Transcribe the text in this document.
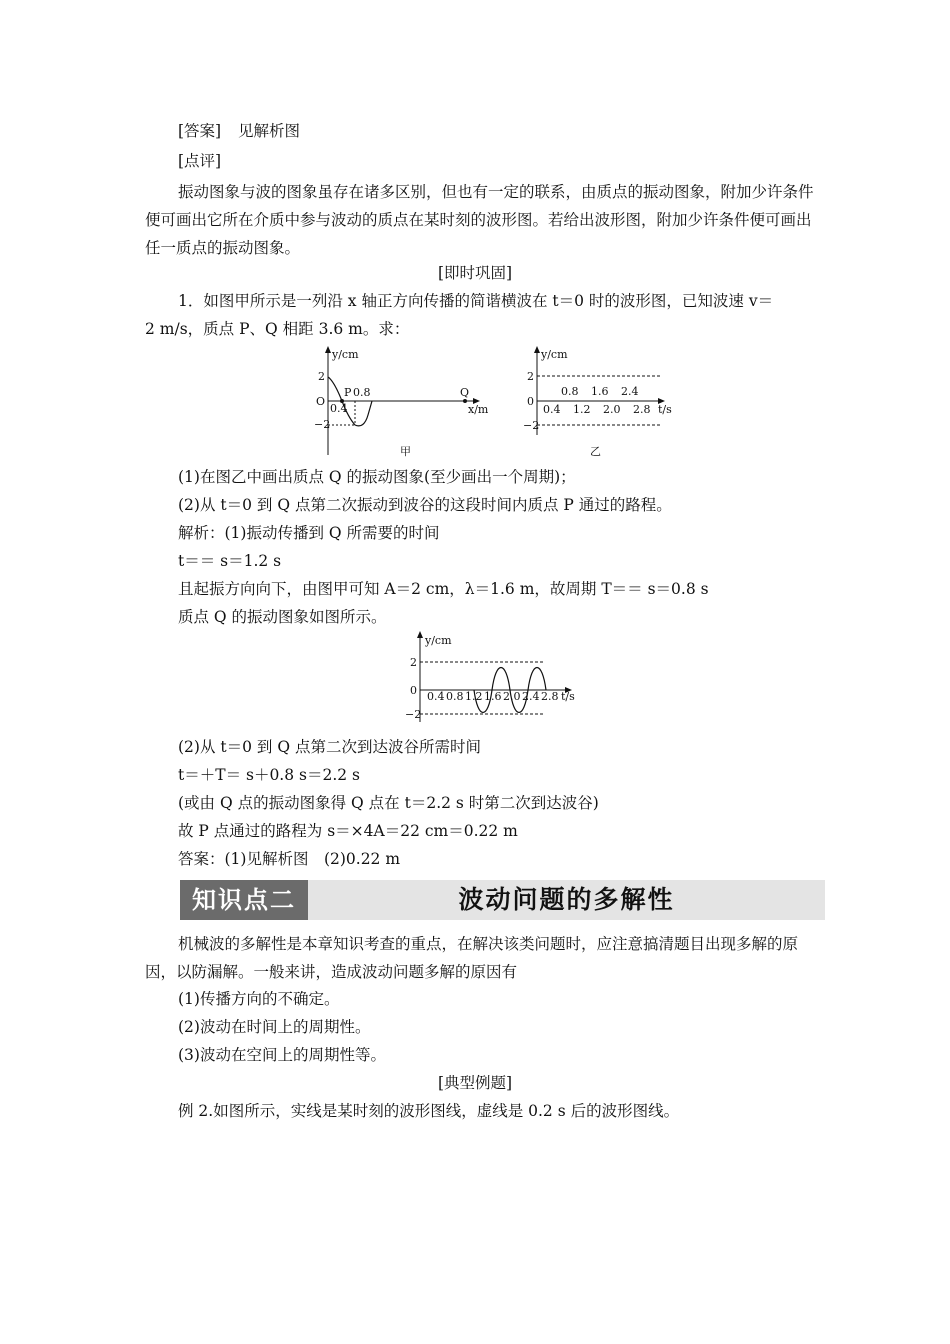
[答案] 见解析图
[点评]
振动图象与波的图象虽存在诸多区别，但也有一定的联系，由质点的振动图象，附加少许条件便可画出它所在介质中参与波动的质点在某时刻的波形图。若给出波形图，附加少许条件便可画出任一质点的振动图象。
[即时巩固]
1．如图甲所示是一列沿 x 轴正方向传播的简谐横波在 t＝0 时的波形图，已知波速 v＝
2 m/s，质点 P、Q 相距 3.6 m。求：
y/cm
2
−2
O
0.4
P 0.8	Q
x/m
甲
y/cm
2
−2
0
0.8 1.6 2.4
0.4 1.2 2.0 2.8 t/s
乙
(1)在图乙中画出质点 Q 的振动图象(至少画出一个周期)；
(2)从 t＝0 到 Q 点第二次振动到波谷的这段时间内质点 P 通过的路程。
解析：(1)振动传播到 Q 所需要的时间
t＝＝ s＝1.2 s
且起振方向向下，由图甲可知 A＝2 cm，λ＝1.6 m，故周期 T＝＝ s＝0.8 s
质点 Q 的振动图象如图所示。
y/cm
2
−2
0 0.4 0.8 1.2 1.6 2.0 2.4 2.8 t/s
(2)从 t＝0 到 Q 点第二次到达波谷所需时间
t＝＋T＝ s＋0.8 s＝2.2 s
(或由 Q 点的振动图象得 Q 点在 t＝2.2 s 时第二次到达波谷)
故 P 点通过的路程为 s＝×4A＝22 cm＝0.22 m
答案：(1)见解析图　(2)0.22 m
知识点二	波动问题的多解性
机械波的多解性是本章知识考查的重点，在解决该类问题时，应注意搞清题目出现多解的原因，以防漏解。一般来讲，造成波动问题多解的原因有
(1)传播方向的不确定。
(2)波动在时间上的周期性。
(3)波动在空间上的周期性等。
[典型例题]
例 2.如图所示，实线是某时刻的波形图线，虚线是 0.2 s 后的波形图线。
